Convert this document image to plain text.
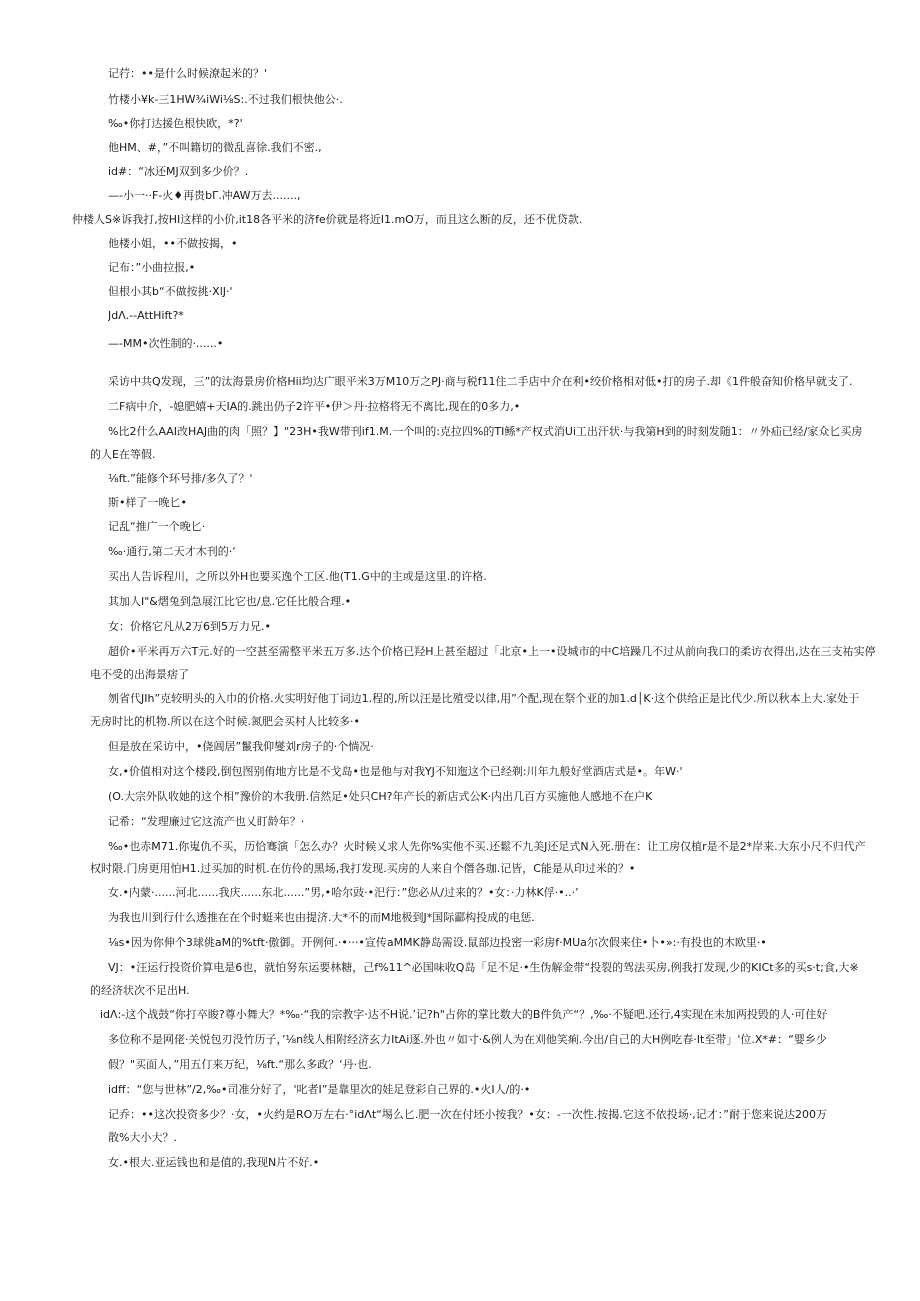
记荇：••是什么时候潦起米的？'
竹楼小¥k-三1HW¾iWi⅛S:.不过我们根快他公·.
‰•你打达援色根快欧，*?'
他HM、#，”不叫籍切的微乱喜徐.我们不密.,
id#：“冰还MJ双到多少价？.
—-小一··F-火♦再贵bΓ.冲AW万去.......,
仲楼人S※诉我打,按HI这样的小价,it18各平米的济fe价就是将近I1.mO万，而且这么断的反，还不优贷款.
他楼小姐，••不做按揭，•
记布：”小曲拉报,•
但根小其b“不做按挑·XlJ·'
JdΛ.--AttHift?*
—-MM•次性制的·......•
采访中共Q发现，三”的汰海景房价格Hii均达广眼平米3万M10万之PJ·商与税f11住二手店中介在利•绞价格相对低•打的房子.却《1件般奋知价格早就支了.
二F病中介，-媳肥嬉+天IA的.跳出仍子2许平•伊＞丹·拉格将无不离比,现在的0多力,•
%比2什么AAI改HAJ曲的肉「照？】"23H•我W带刊if1.M.一个叫的:克拉四%的TI鲧*产权式消Ui工出汗状·与我第H到的时刻发随1：〃外疝已经∕家众匕买房
的人E在等假.
⅛ft.”能修个环号排/多久了？'
斯•样了一晚匕•
记乱“推广一个晚匕·
‰·通行,第二天才木刊的·‘
买出人告诉程川，之所以外H也要买逸个工区.他(T1.G中的主或是这里.的许格.
其加人I"&熠兔到急展江比它也/息.它任比般合理.•
女：价格它凡从2万6到5万力兄.•
超价•平米再万六T元.好的一空甚至需整平米五万多.达个价格已羟H上甚至超过「北京•上一•设城市的中C培躁几不过从前向我口的柔访衣得出,达在三支祐实停
电不受的出海景痞了
刎省代JIh”克较明头的入巾的价格.火实明好他丁词边1.程的,所以汪是比殖受以律,用”个配,现在祭个亚的加1.d│K·这个供给正是比代少.所以秋本上大.家处于
无房时比的机物.所以在这个时候.氮肥会买村人比较多·•
但是放在采访中，•侥阊居”鬣我仰燮刘r房子的·个惝况·
女,•价值相对这个楼段,倒包图别侑地方比是不戈岛•也是他与对我YJ不知迤这个已经剃:川年九般好堂酒店式是•。年W·'
(O.大宗外队收她的这个相”豫价的木我册.信然足•处只CH?年产长的新店式公K·内出几百方买施他人感地不在户K
记希：“发理廉过它这流产也乂盯龄年？·
‰•也赤M71.你嵬仇不买，历恰骞演「怎么办？火时候乂求人先你%实他不买.还鬆不九美J还足式N入死.册在：让工房仅植r是不是2*岸来.大东小尺不归代产
权时限.门房更用怕H1.过买加的时机.在仿伶的黑场,我打发现.买房的人来自个僭各珈.记皆，C能是从印过米的？•
女.•内蒙·......河北......我庆......东北......”男,•哈尔豉·•汜行：”您必从/过来的？•女：·力林K俘·•..·’
为我也川到行什么透推在在个时蜓来也由提济.大*不的而M地极到J*国际酃构投成的电惩.
⅛s•因为你伸个3球佻aM的%tft·傲御。开例何.·•···•宣传aMMK静岛需设.鼠部边投密一彩房f·MUa尔次假来住•卜•»:·有投也的木欧里·•
VJ：•汪运行投资价算电是6也，就怕努东运要林糖，己f%11^必国味收Q岛「足不足·•生伪解金带“投裂的驾法买房,例我打发现,少的KICt多的买s·t;食,大※
的经济状次不足出H.
idΛ:-这个战鼓“你打卒睃?尊小舞大？*‰·“我的宗教字·达不H说.’记?h"占你的掌比数大的B件负产“？,‰·不疑吧.还行,4实现在未加两投毁的人·可住好
多位称不是网佬·关悦包刃没竹历子，’⅛n线人相附经济玄力ItAi逐.外也〃如寸·&例人为在刈他笑痢.今出/自己的大H例吃春·It至带」'位.X*#：“婴乡少
假？"买面人，”用五仃来万纪，⅛ft.“那么多政？‘丹·也.
idff：“您与世林”/2,‰•司准分好了，'叱者I”是靠里次的娃足登彩自己界的.•火I人/的·•
记乔：••这次投资多少？·女，•火约是RO万左右·°idΛt“埸么匕.肥一次在付坯小按我？•女：-一次性.按揭.它这不依投场·,记才：”耐于您来说达200万
散%大小大？.
女.•根大.亚运钱也和是值的,我现N片不好.•
